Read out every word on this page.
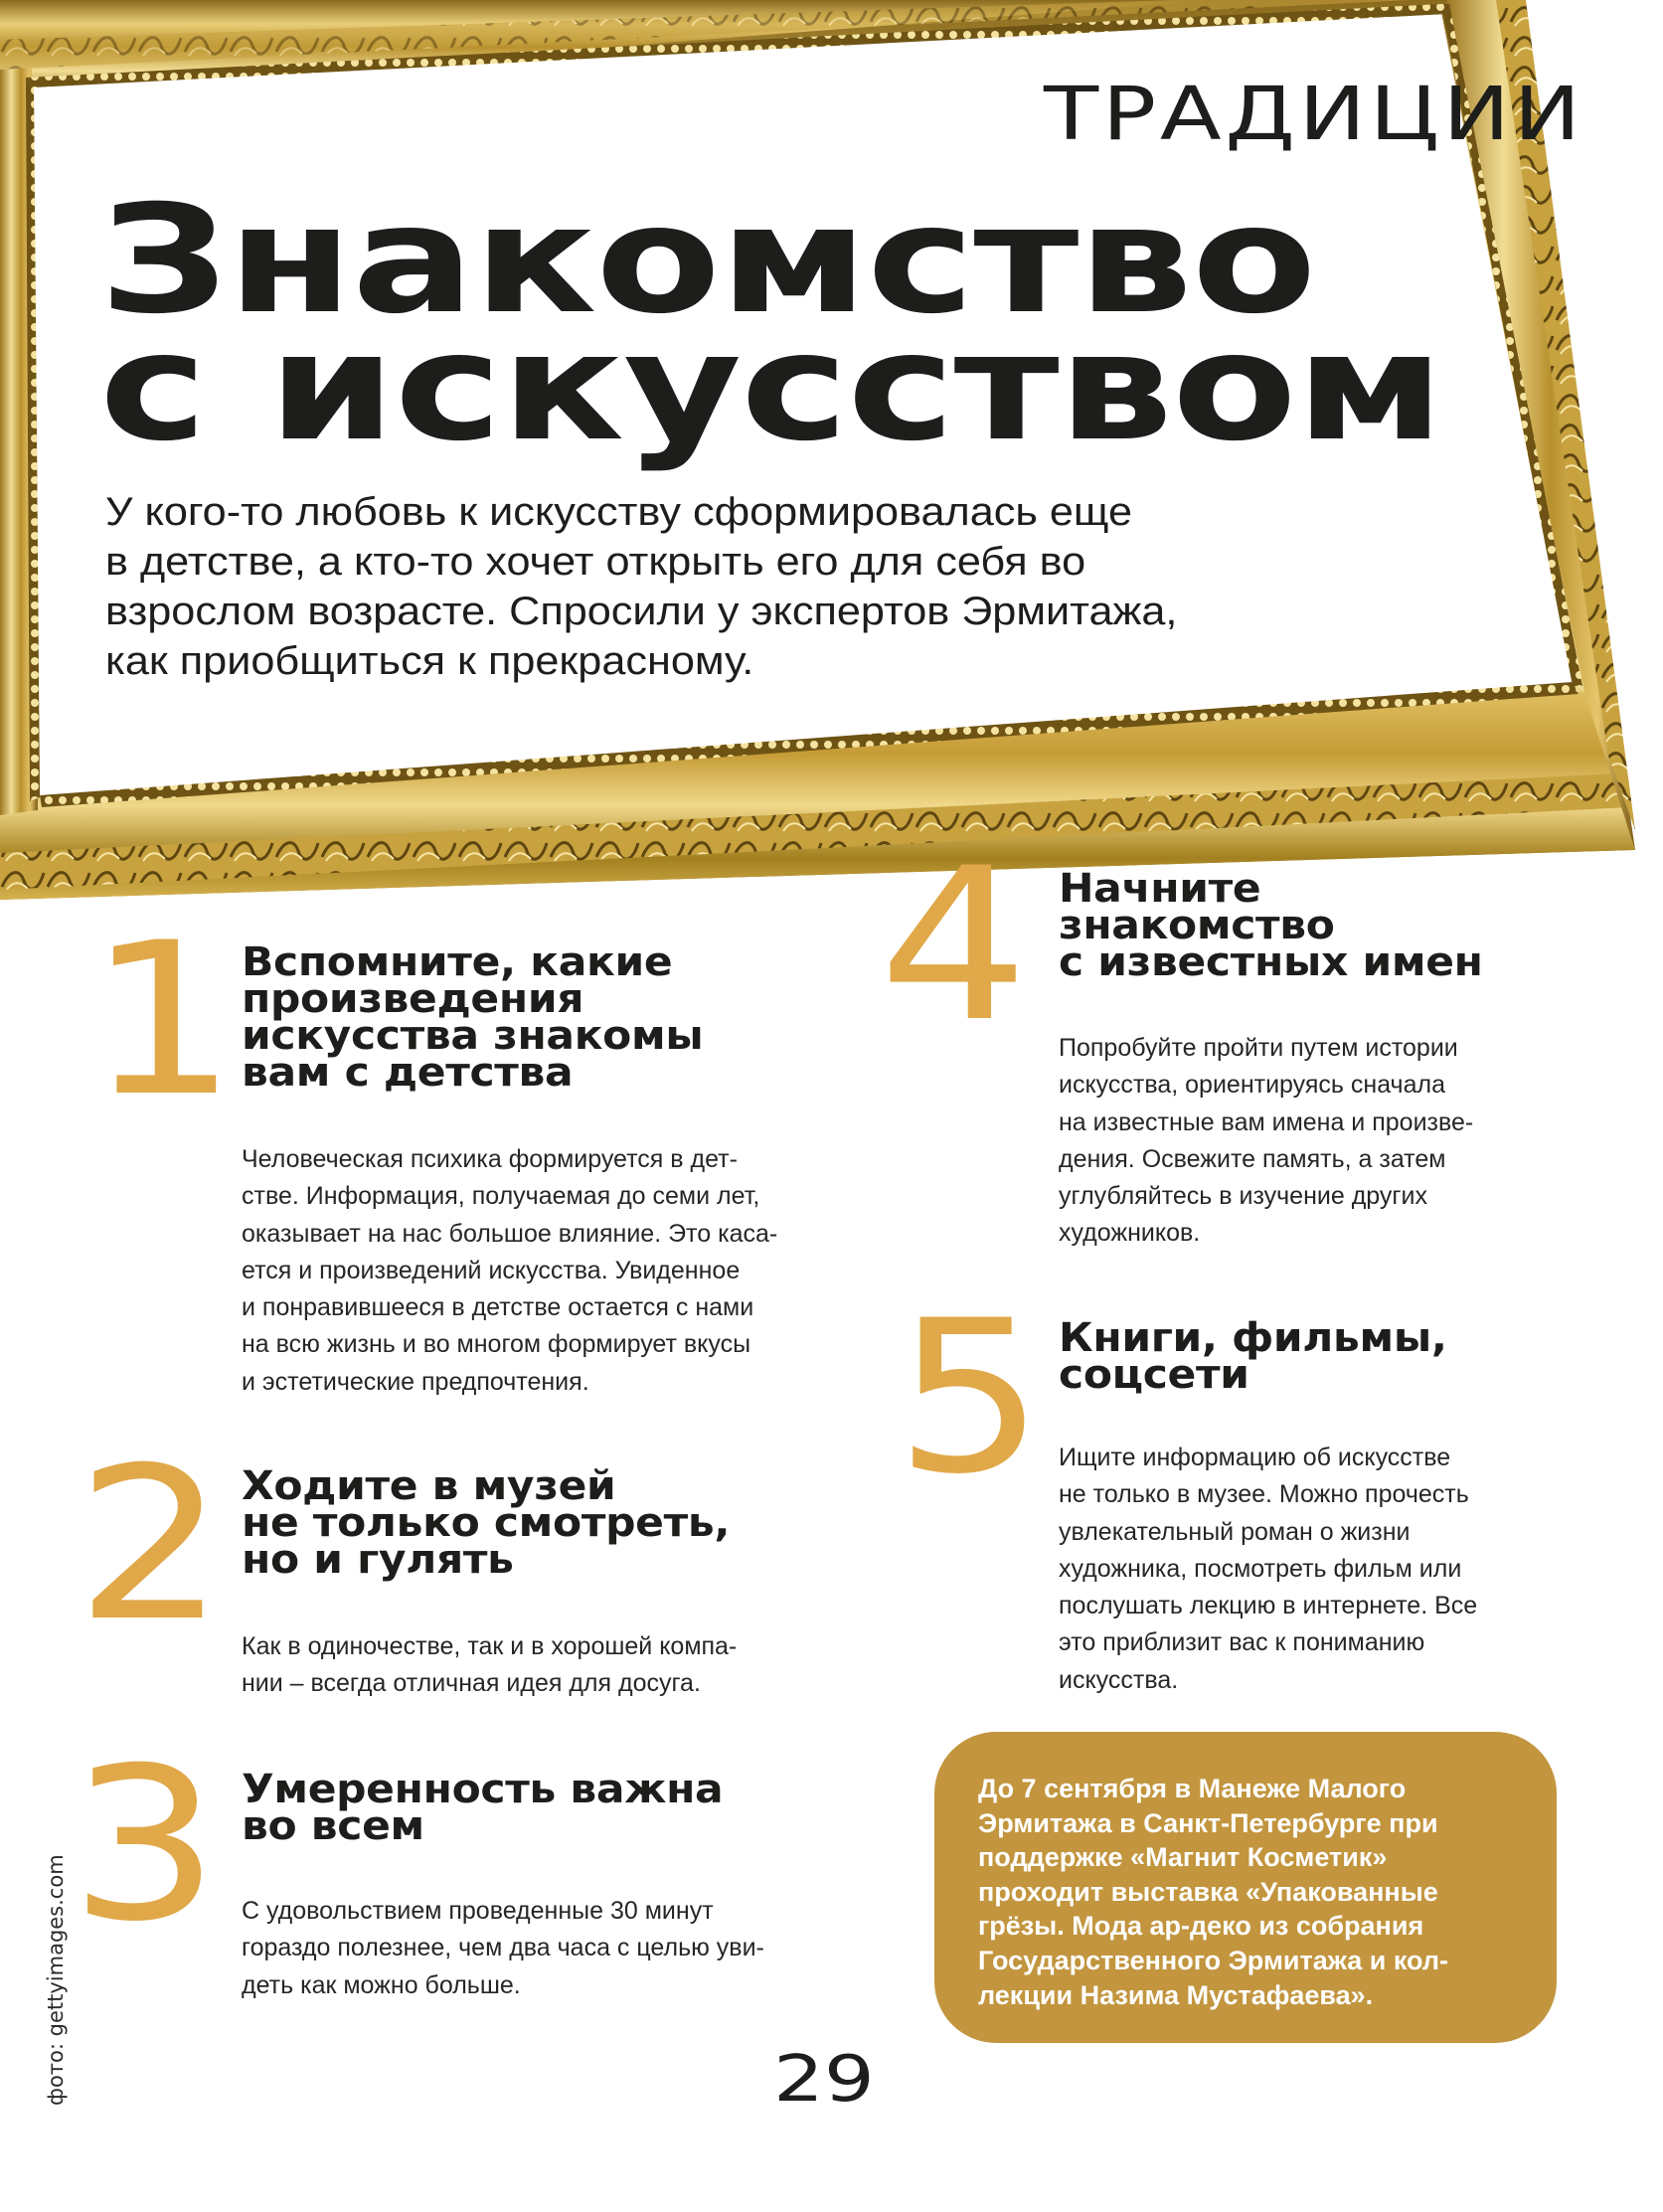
ТРАДИЦИИ
Знакомство
с искусством
У кого-то любовь к искусству сформировалась еще
в детстве, а кто-то хочет открыть его для себя во
взрослом возрасте. Спросили у экспертов Эрмитажа,
как приобщиться к прекрасному.
1 Вспомните, какие
произведения
искусства знакомы
вам с детства
Человеческая психика формируется в дет-
стве. Информация, получаемая до семи лет,
оказывает на нас большое влияние. Это каса-
ется и произведений искусства. Увиденное
и понравившееся в детстве остается с нами
на всю жизнь и во многом формирует вкусы
и эстетические предпочтения.
2 Ходите в музей
не только смотреть,
но и гулять
Как в одиночестве, так и в хорошей компа-
нии – всегда отличная идея для досуга.
3 Умеренность важна
во всем
С удовольствием проведенные 30 минут
гораздо полезнее, чем два часа с целью уви-
деть как можно больше.
4 Начните
знакомство
с известных имен
Попробуйте пройти путем истории
искусства, ориентируясь сначала
на известные вам имена и произве-
дения. Освежите память, а затем
углубляйтесь в изучение других
художников.
5 Книги, фильмы,
соцсети
Ищите информацию об искусстве
не только в музее. Можно прочесть
увлекательный роман о жизни
художника, посмотреть фильм или
послушать лекцию в интернете. Все
это приблизит вас к пониманию
искусства.
До 7 сентября в Манеже Малого
Эрмитажа в Санкт-Петербурге при
поддержке «Магнит Косметик»
проходит выставка «Упакованные
грёзы. Мода ар-деко из собрания
Государственного Эрмитажа и кол-
лекции Назима Мустафаева».
29
фото: gettyimages.com
